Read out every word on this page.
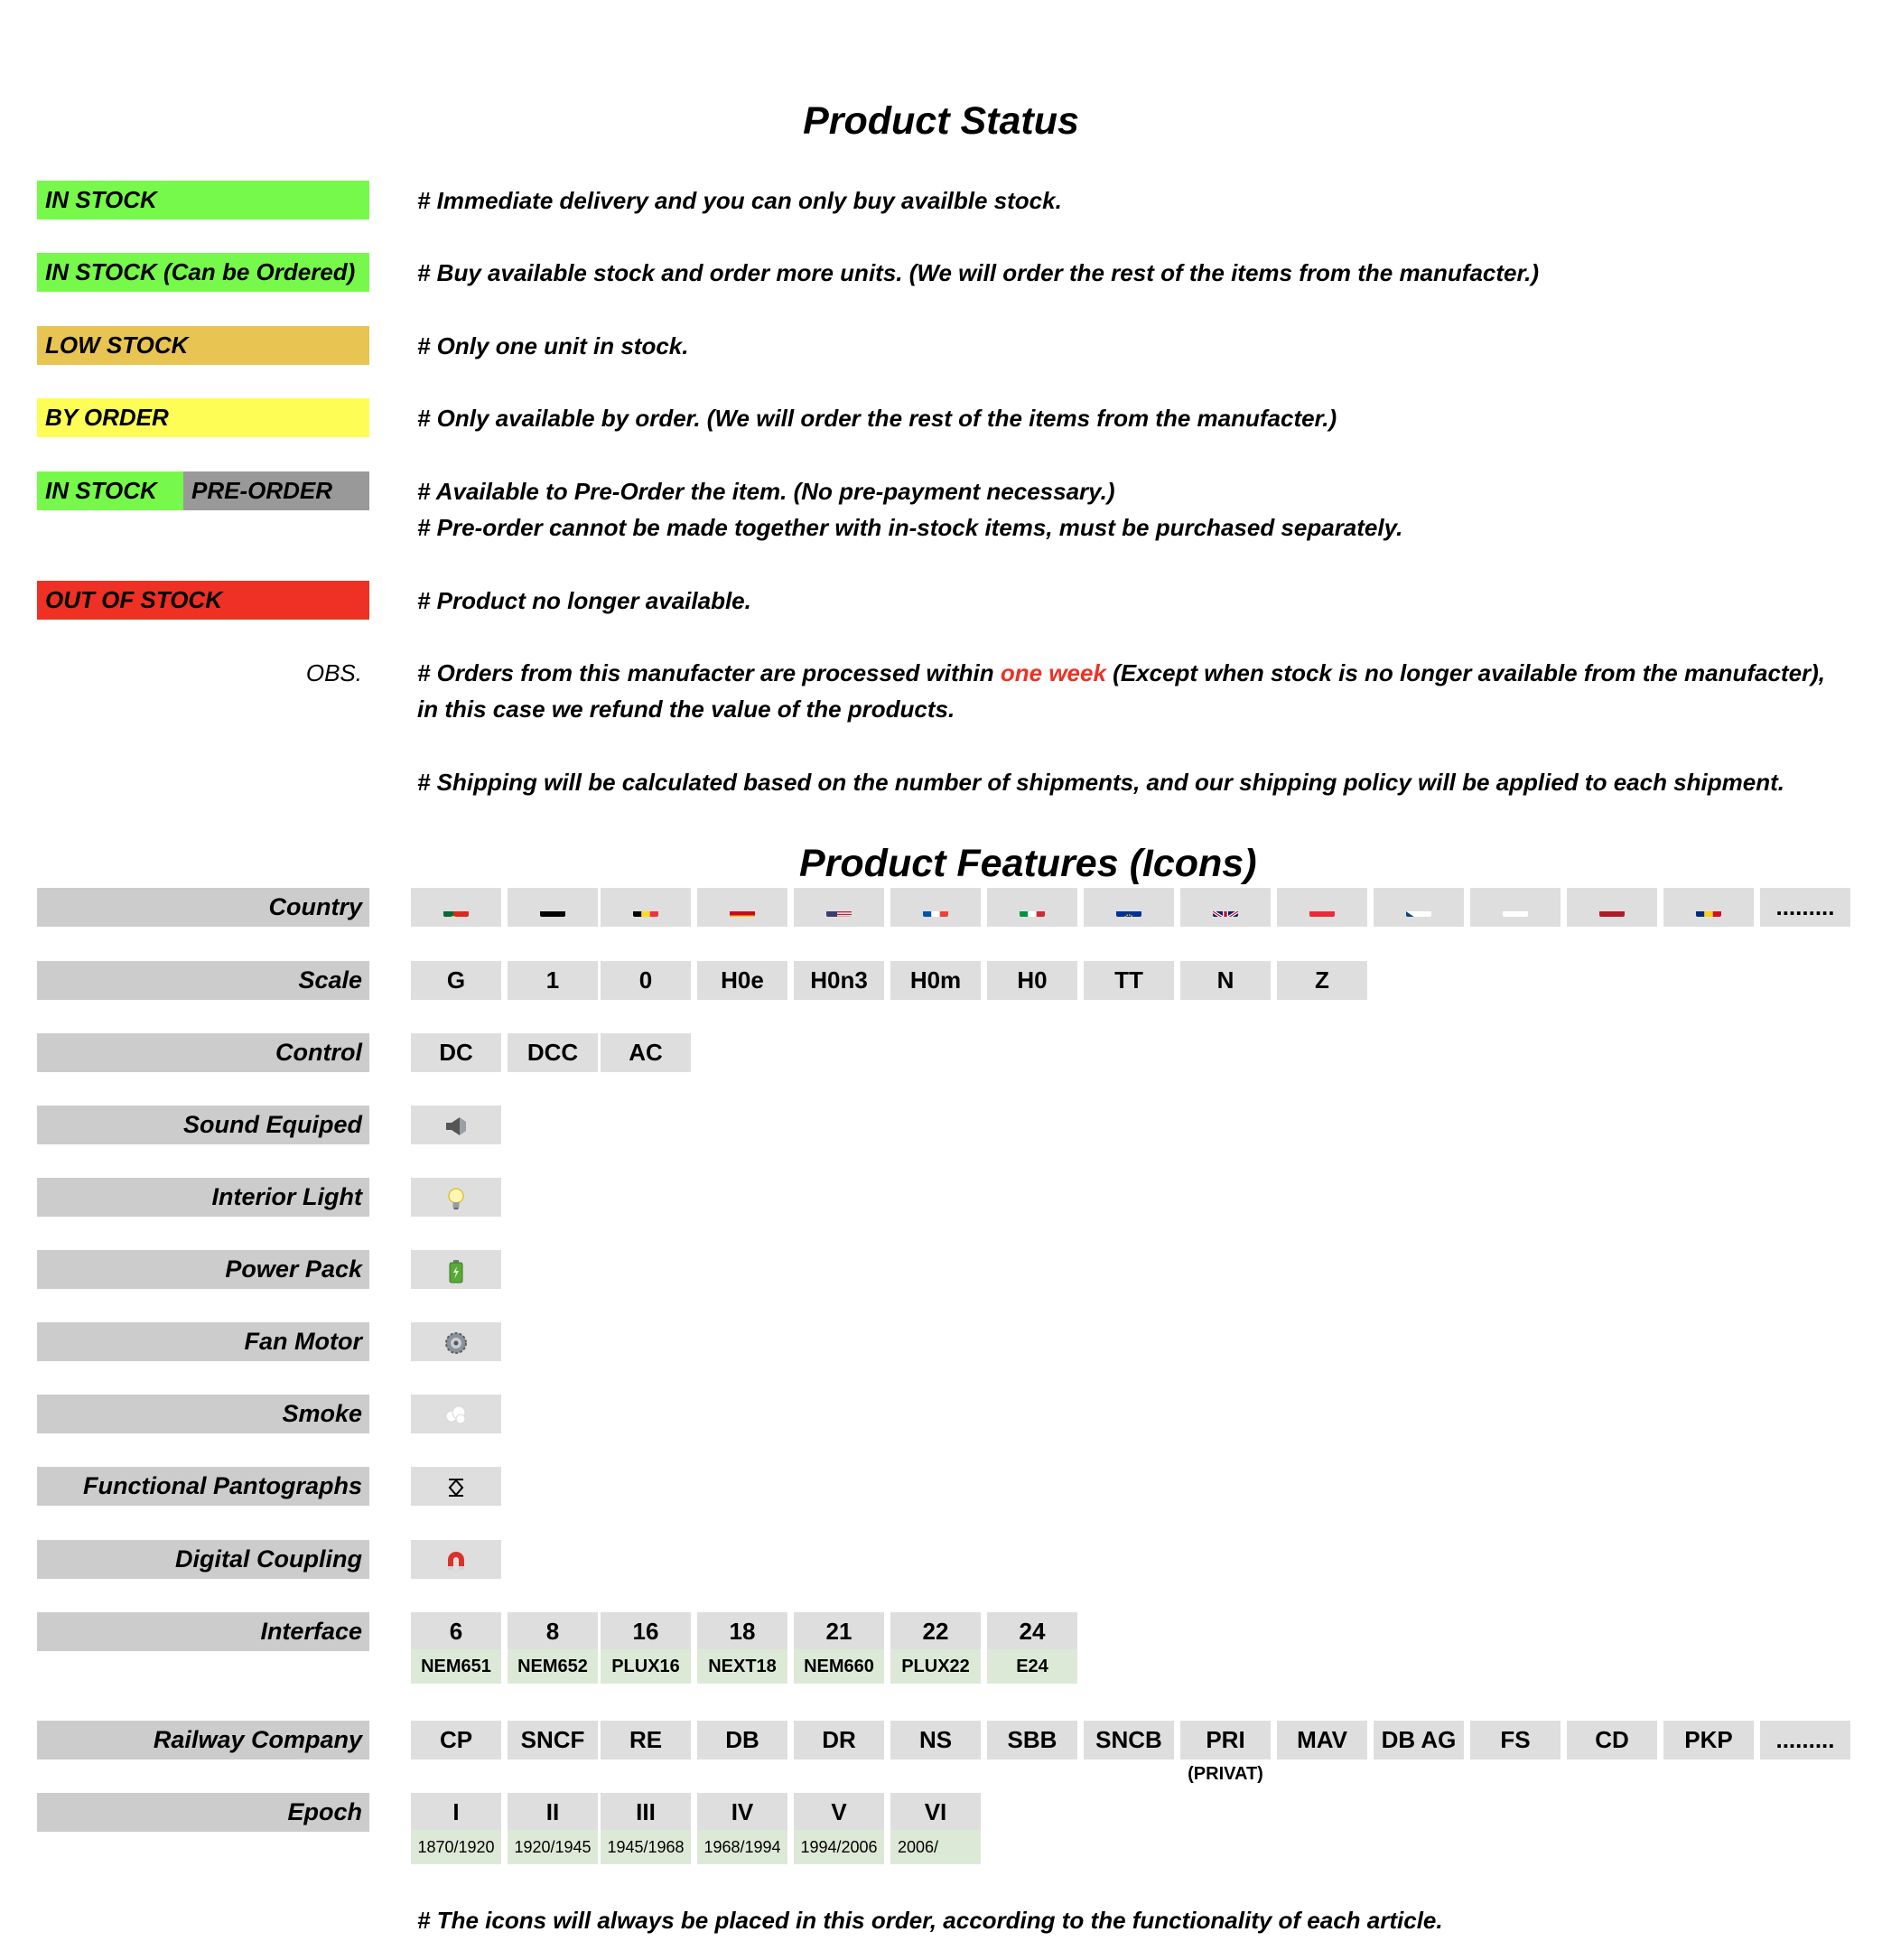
Product Status
IN STOCK	# Immediate delivery and you can only buy availble stock.
IN STOCK (Can be Ordered)	# Buy available stock and order more units. (We will order the rest of the items from the manufacter.)
LOW STOCK	# Only one unit in stock.
BY ORDER	# Only available by order. (We will order the rest of the items from the manufacter.)
IN STOCK	PRE-ORDER	# Available to Pre-Order the item. (No pre-payment necessary.)
# Pre-order cannot be made together with in-stock items, must be purchased separately.
OUT OF STOCK	# Product no longer available.
OBS. # Orders from this manufacter are processed within one week (Except when stock is no longer available from the manufacter),
in this case we refund the value of the products.
# Shipping will be calculated based on the number of shipments, and our shipping policy will be applied to each shipment.
Product Features (Icons)
Country	.........
Scale	G	1	0	H0e	H0n3	H0m	H0	TT	N	Z
Control	DC	DCC	AC
Sound Equiped
Interior Light
Power Pack
Fan Motor
Smoke
Functional Pantographs
Digital Coupling
Interface	6	8	16	18	21	22	24
NEM651	NEM652	PLUX16	NEXT18	NEM660	PLUX22	E24
Railway Company	CP	SNCF	RE	DB	DR	NS	SBB	SNCB	PRI	MAV	DB AG	FS	CD	PKP	.........
(PRIVAT)
Epoch	I	II	III	IV	V	VI
1870/1920	1920/1945 1945/1968	1968/1994	1994/2006	2006/
# The icons will always be placed in this order, according to the functionality of each article.
